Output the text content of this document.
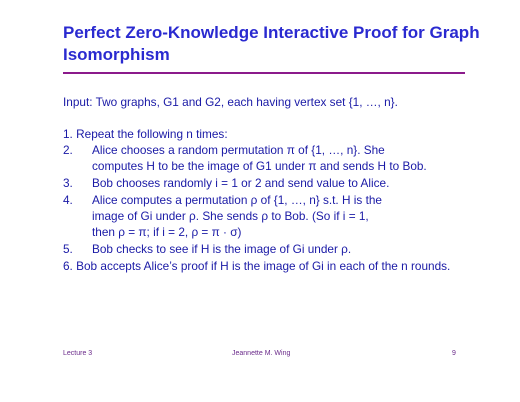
Perfect Zero-Knowledge Interactive Proof for Graph Isomorphism
Input: Two graphs, G1 and G2, each having vertex set {1, …, n}.
1. Repeat the following n times:
2. Alice chooses a random permutation π of {1, …, n}. She
computes H to be the image of G1 under π and sends H to Bob.
3. Bob chooses randomly i = 1 or 2 and send value to Alice.
4. Alice computes a permutation ρ of {1, …, n} s.t. H is the
image of Gi under ρ. She sends ρ to Bob. (So if i = 1,
then ρ = π; if i = 2, ρ = π · σ)
5. Bob checks to see if H is the image of Gi under ρ.
6. Bob accepts Alice’s proof if H is the image of Gi in each of the n rounds.
Lecture 3	Jeannette M. Wing	9
